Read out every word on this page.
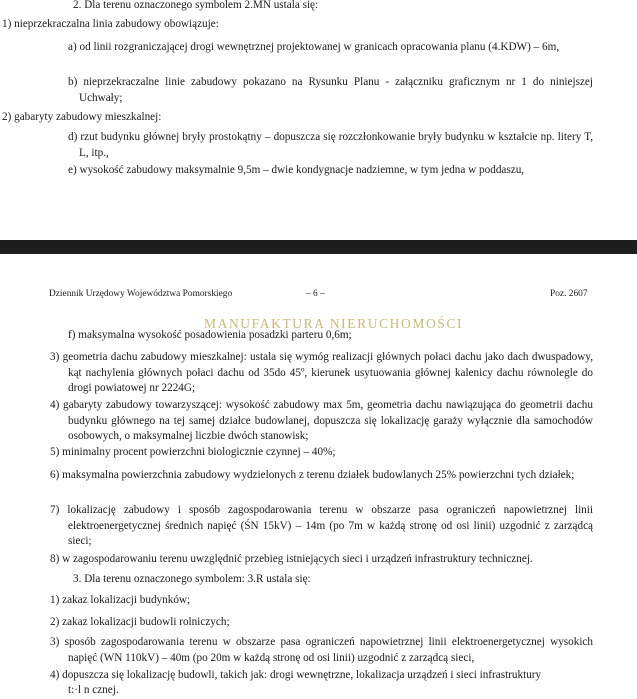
2. Dla terenu oznaczonego symbolem 2.MN ustala się:
1) nieprzekraczalna linia zabudowy obowiązuje:
a) od linii rozgraniczającej drogi wewnętrznej projektowanej w granicach opracowania planu (4.KDW) – 6m,
b) nieprzekraczalne linie zabudowy pokazano na Rysunku Planu - załączniku graficznym nr 1 do niniejszej Uchwały;
2) gabaryty zabudowy mieszkalnej:
d) rzut budynku głównej bryły prostokątny – dopuszcza się rozczłonkowanie bryły budynku w kształcie np. litery T, L, itp.,
e) wysokość zabudowy maksymalnie 9,5m – dwie kondygnacje nadziemne, w tym jedna w poddaszu,
Dziennik Urzędowy Województwa Pomorskiego	– 6 –	Poz. 2607
f) maksymalna wysokość posadowienia posadzki parteru 0,6m;
MANUFAKTURA NIERUCHOMOŚCI
3) geometria dachu zabudowy mieszkalnej: ustala się wymóg realizacji głównych połaci dachu jako dach dwuspadowy, kąt nachylenia głównych połaci dachu od 35do 45º, kierunek usytuowania głównej kalenicy dachu równolegle do drogi powiatowej nr 2224G;
4) gabaryty zabudowy towarzyszącej: wysokość zabudowy max 5m, geometria dachu nawiązująca do geometrii dachu budynku głównego na tej samej działce budowlanej, dopuszcza się lokalizację garaży wyłącznie dla samochodów osobowych, o maksymalnej liczbie dwóch stanowisk;
5) minimalny procent powierzchni biologicznie czynnej – 40%;
6) maksymalna powierzchnia zabudowy wydzielonych z terenu działek budowlanych 25% powierzchni tych działek;
7) lokalizację zabudowy i sposób zagospodarowania terenu w obszarze pasa ograniczeń napowietrznej linii elektroenergetycznej średnich napięć (ŚN 15kV) – 14m (po 7m w każdą stronę od osi linii) uzgodnić z zarządcą sieci;
8) w zagospodarowaniu terenu uwzględnić przebieg istniejących sieci i urządzeń infrastruktury technicznej.
3. Dla terenu oznaczonego symbolem: 3.R ustala się:
1) zakaz lokalizacji budynków;
2) zakaz lokalizacji budowli rolniczych;
3) sposób zagospodarowania terenu w obszarze pasa ograniczeń napowietrznej linii elektroenergetycznej wysokich napięć (WN 110kV) – 40m (po 20m w każdą stronę od osi linii) uzgodnić z zarządcą sieci,
4) dopuszcza się lokalizację budowli, takich jak: drogi wewnętrzne, lokalizacja urządzeń i sieci infrastruktury
t:·l n cznej.
